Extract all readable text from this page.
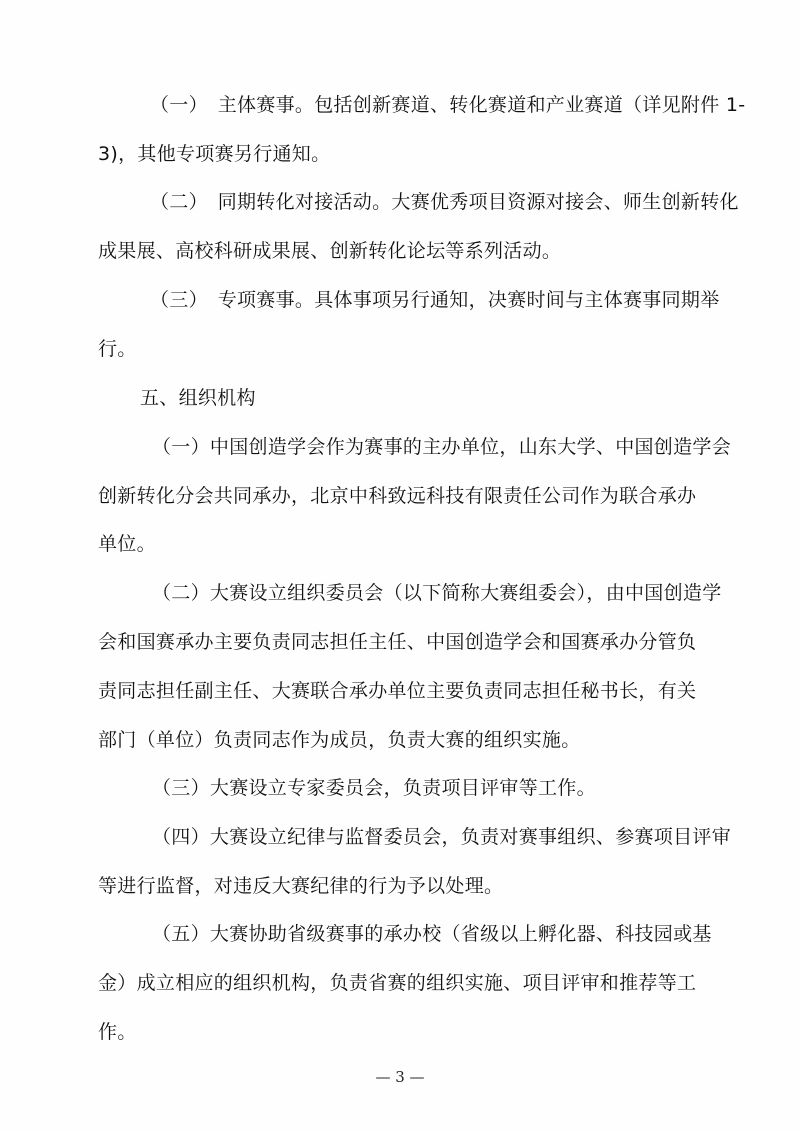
（一）　主体赛事。包括创新赛道、转化赛道和产业赛道（详见附件 1-
3)，其他专项赛另行通知。
（二）　同期转化对接活动。大赛优秀项目资源对接会、师生创新转化
成果展、高校科研成果展、创新转化论坛等系列活动。
（三）　专项赛事。具体事项另行通知，决赛时间与主体赛事同期举
行。
五、组织机构
（一）中国创造学会作为赛事的主办单位，山东大学、中国创造学会
创新转化分会共同承办，北京中科致远科技有限责任公司作为联合承办
单位。
（二）大赛设立组织委员会（以下简称大赛组委会），由中国创造学
会和国赛承办主要负责同志担任主任、中国创造学会和国赛承办分管负
责同志担任副主任、大赛联合承办单位主要负责同志担任秘书长，有关
部门（单位）负责同志作为成员，负责大赛的组织实施。
（三）大赛设立专家委员会，负责项目评审等工作。
（四）大赛设立纪律与监督委员会，负责对赛事组织、参赛项目评审
等进行监督，对违反大赛纪律的行为予以处理。
（五）大赛协助省级赛事的承办校（省级以上孵化器、科技园或基
金）成立相应的组织机构，负责省赛的组织实施、项目评审和推荐等工
作。
— 3 —
